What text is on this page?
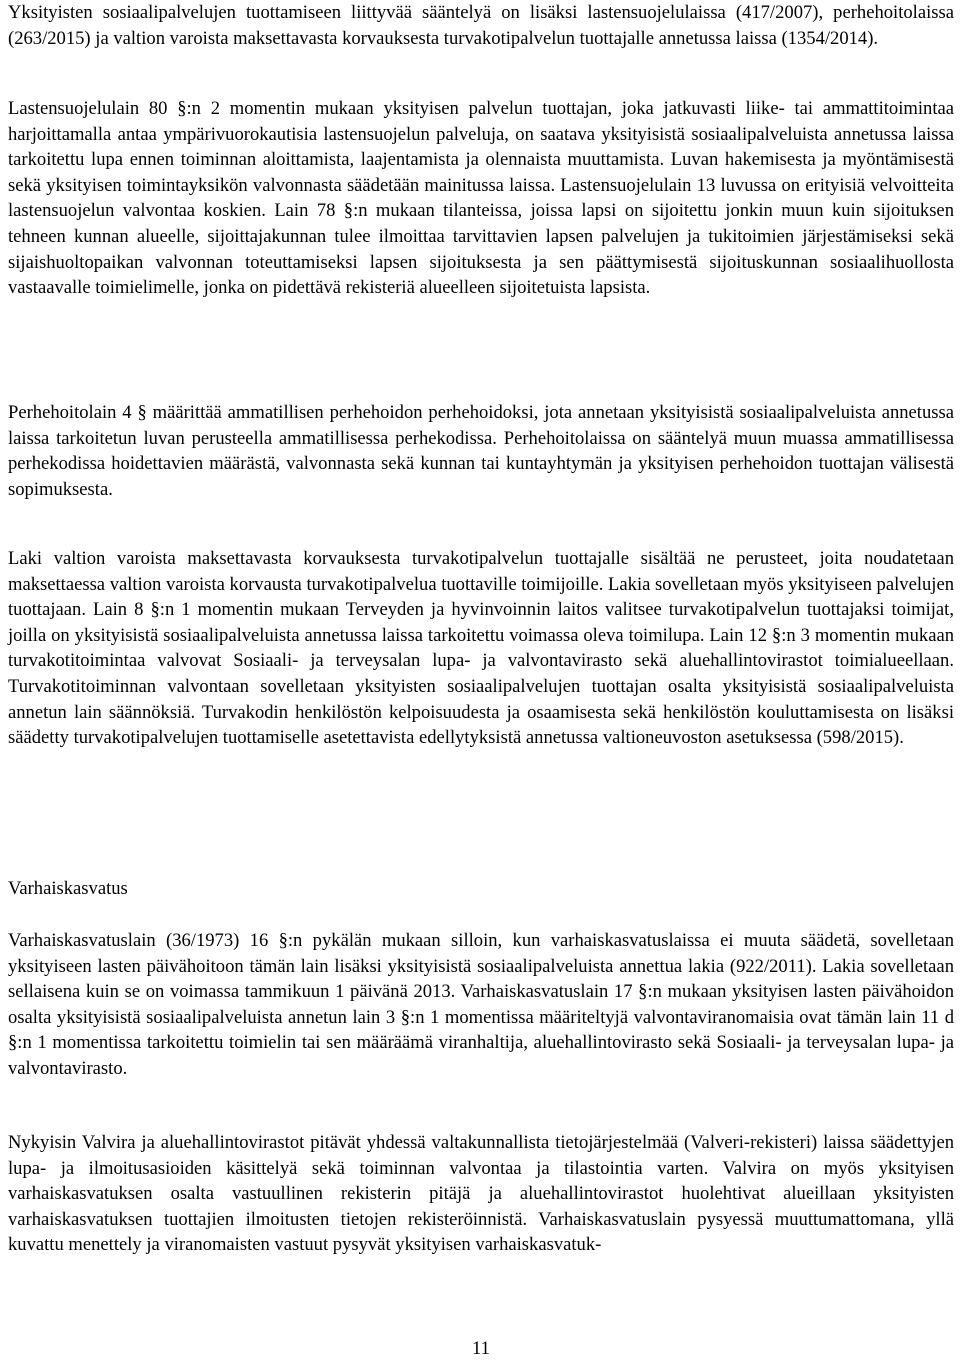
Yksityisten sosiaalipalvelujen tuottamiseen liittyvää sääntelyä on lisäksi lastensuojelulaissa (417/2007), perhehoitolaissa (263/2015) ja valtion varoista maksettavasta korvauksesta turvakotipalvelun tuottajalle annetussa laissa (1354/2014).

Lastensuojelulain 80 §:n 2 momentin mukaan yksityisen palvelun tuottajan, joka jatkuvasti liike- tai ammattitoimintaa harjoittamalla antaa ympärivuorokautisia lastensuojelun palveluja, on saatava yksityisistä sosiaalipalveluista annetussa laissa tarkoitettu lupa ennen toiminnan aloittamista, laajentamista ja olennaista muuttamista. Luvan hakemisesta ja myöntämisestä sekä yksityisen toimintayksikön valvonnasta säädetään mainitussa laissa. Lastensuojelulain 13 luvussa on erityisiä velvoitteita lastensuojelun valvontaa koskien. Lain 78 §:n mukaan tilanteissa, joissa lapsi on sijoitettu jonkin muun kuin sijoituksen tehneen kunnan alueelle, sijoittajakunnan tulee ilmoittaa tarvittavien lapsen palvelujen ja tukitoimien järjestämiseksi sekä sijaishuoltopaikan valvonnan toteuttamiseksi lapsen sijoituksesta ja sen päättymisestä sijoituskunnan sosiaalihuollosta vastaavalle toimielimelle, jonka on pidettävä rekisteriä alueelleen sijoitetuista lapsista.

Perhehoitolain 4 § määrittää ammatillisen perhehoidon perhehoidoksi, jota annetaan yksityisistä sosiaalipalveluista annetussa laissa tarkoitetun luvan perusteella ammatillisessa perhekodissa. Perhehoitolaissa on sääntelyä muun muassa ammatillisessa perhekodissa hoidettavien määrästä, valvonnasta sekä kunnan tai kuntayhtymän ja yksityisen perhehoidon tuottajan välisestä sopimuksesta.

Laki valtion varoista maksettavasta korvauksesta turvakotipalvelun tuottajalle sisältää ne perusteet, joita noudatetaan maksettaessa valtion varoista korvausta turvakotipalvelua tuottaville toimijoille. Lakia sovelletaan myös yksityiseen palvelujen tuottajaan. Lain 8 §:n 1 momentin mukaan Terveyden ja hyvinvoinnin laitos valitsee turvakotipalvelun tuottajaksi toimijat, joilla on yksityisistä sosiaalipalveluista annetussa laissa tarkoitettu voimassa oleva toimilupa. Lain 12 §:n 3 momentin mukaan turvakotitoimintaa valvovat Sosiaali- ja terveysalan lupa- ja valvontavirasto sekä aluehallintovirastot toimialueellaan. Turvakotitoiminnan valvontaan sovelletaan yksityisten sosiaalipalvelujen tuottajan osalta yksityisistä sosiaalipalveluista annetun lain säännöksiä. Turvakodin henkilöstön kelpoisuudesta ja osaamisesta sekä henkilöstön kouluttamisesta on lisäksi säädetty turvakotipalvelujen tuottamiselle asetettavista edellytyksistä annetussa valtioneuvoston asetuksessa (598/2015).

Varhaiskasvatus

Varhaiskasvatuslain (36/1973) 16 §:n pykälän mukaan silloin, kun varhaiskasvatuslaissa ei muuta säädetä, sovelletaan yksityiseen lasten päivähoitoon tämän lain lisäksi yksityisistä sosiaalipalveluista annettua lakia (922/2011). Lakia sovelletaan sellaisena kuin se on voimassa tammikuun 1 päivänä 2013. Varhaiskasvatuslain 17 §:n mukaan yksityisen lasten päivähoidon osalta yksityisistä sosiaalipalveluista annetun lain 3 §:n 1 momentissa määriteltyjä valvontaviranomaisia ovat tämän lain 11 d §:n 1 momentissa tarkoitettu toimielin tai sen määräämä viranhaltija, aluehallintovirasto sekä Sosiaali- ja terveysalan lupa- ja valvontavirasto.

Nykyisin Valvira ja aluehallintovirastot pitävät yhdessä valtakunnallista tietojärjestelmää (Valveri-rekisteri) laissa säädettyjen lupa- ja ilmoitusasioiden käsittelyä sekä toiminnan valvontaa ja tilastointia varten. Valvira on myös yksityisen varhaiskasvatuksen osalta vastuullinen rekisterin pitäjä ja aluehallintovirastot huolehtivat alueillaan yksityisten varhaiskasvatuksen tuottajien ilmoitusten tietojen rekisteröinnistä. Varhaiskasvatuslain pysyessä muuttumattomana, yllä kuvattu menettely ja viranomaisten vastuut pysyvät yksityisen varhaiskasvatuk-

11
